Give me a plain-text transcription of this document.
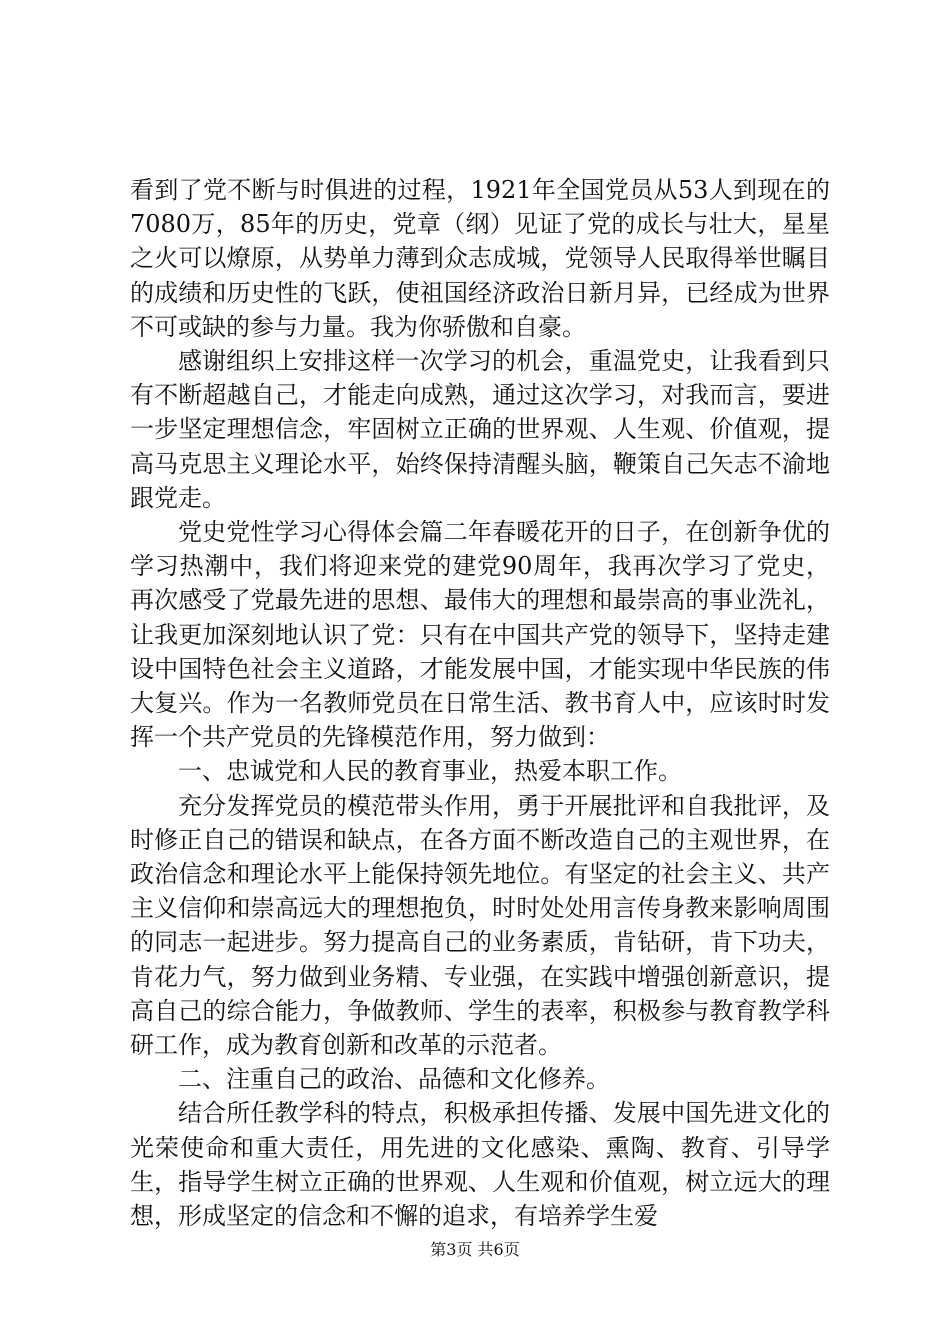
看到了党不断与时俱进的过程，1921年全国党员从53人到现在的7080万，85年的历史，党章（纲）见证了党的成长与壮大，星星之火可以燎原，从势单力薄到众志成城，党领导人民取得举世瞩目的成绩和历史性的飞跃，使祖国经济政治日新月异，已经成为世界不可或缺的参与力量。我为你骄傲和自豪。

感谢组织上安排这样一次学习的机会，重温党史，让我看到只有不断超越自己，才能走向成熟，通过这次学习，对我而言，要进一步坚定理想信念，牢固树立正确的世界观、人生观、价值观，提高马克思主义理论水平，始终保持清醒头脑，鞭策自己矢志不渝地跟党走。

党史党性学习心得体会篇二年春暖花开的日子，在创新争优的学习热潮中，我们将迎来党的建党90周年，我再次学习了党史，再次感受了党最先进的思想、最伟大的理想和最崇高的事业洗礼，让我更加深刻地认识了党：只有在中国共产党的领导下，坚持走建设中国特色社会主义道路，才能发展中国，才能实现中华民族的伟大复兴。作为一名教师党员在日常生活、教书育人中，应该时时发挥一个共产党员的先锋模范作用，努力做到：

一、忠诚党和人民的教育事业，热爱本职工作。

充分发挥党员的模范带头作用，勇于开展批评和自我批评，及时修正自己的错误和缺点，在各方面不断改造自己的主观世界，在政治信念和理论水平上能保持领先地位。有坚定的社会主义、共产主义信仰和崇高远大的理想抱负，时时处处用言传身教来影响周围的同志一起进步。努力提高自己的业务素质，肯钻研，肯下功夫，肯花力气，努力做到业务精、专业强，在实践中增强创新意识，提高自己的综合能力，争做教师、学生的表率，积极参与教育教学科研工作，成为教育创新和改革的示范者。

二、注重自己的政治、品德和文化修养。

结合所任教学科的特点，积极承担传播、发展中国先进文化的光荣使命和重大责任，用先进的文化感染、熏陶、教育、引导学生，指导学生树立正确的世界观、人生观和价值观，树立远大的理想，形成坚定的信念和不懈的追求，有培养学生爱

第3页 共6页
